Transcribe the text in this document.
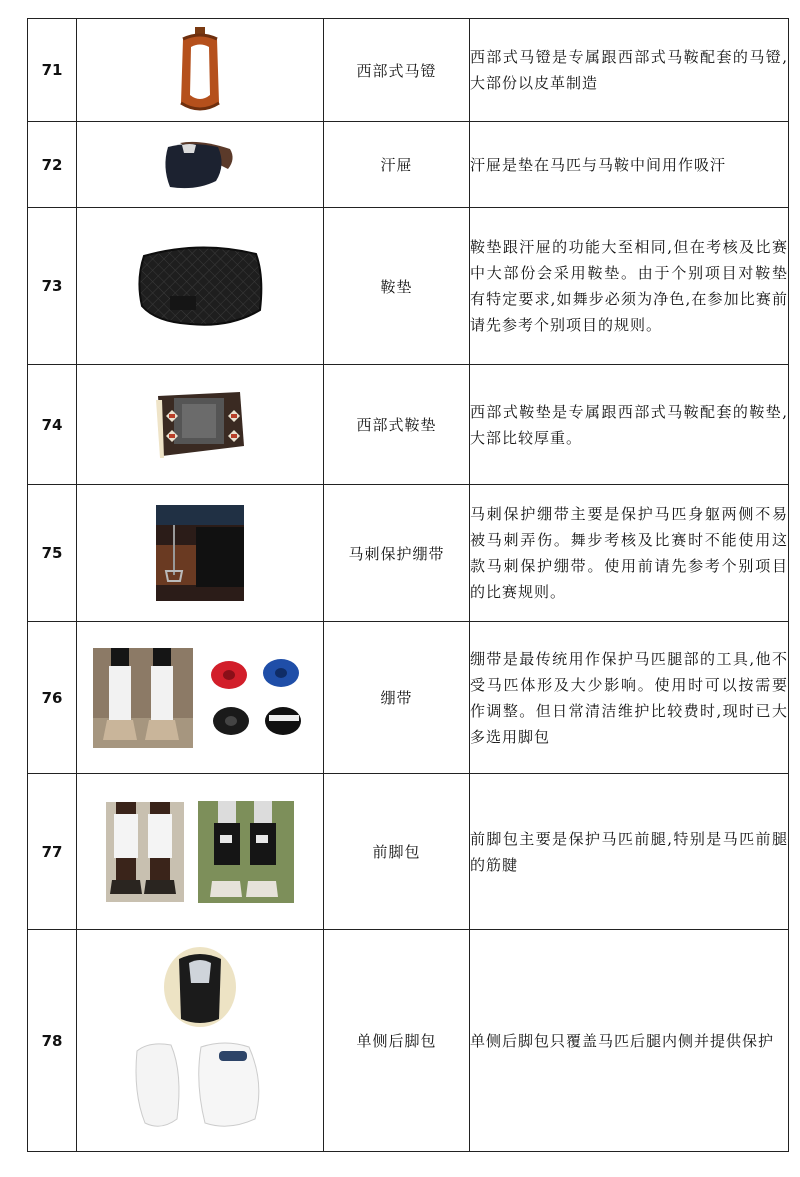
71		西部式马镫	西部式马镫是专属跟西部式马鞍配套的马镫,大部份以皮革制造
72		汗屉	汗屉是垫在马匹与马鞍中间用作吸汗
73		鞍垫	鞍垫跟汗屉的功能大至相同,但在考核及比赛中大部份会采用鞍垫。由于个别项目对鞍垫有特定要求,如舞步必须为净色,在参加比赛前请先参考个别项目的规则。
74		西部式鞍垫	西部式鞍垫是专属跟西部式马鞍配套的鞍垫,大部比较厚重。
75		马刺保护绷带	马刺保护绷带主要是保护马匹身躯两侧不易被马刺弄伤。舞步考核及比赛时不能使用这款马刺保护绷带。使用前请先参考个别项目的比赛规则。
76		绷带	绷带是最传统用作保护马匹腿部的工具,他不受马匹体形及大少影响。使用时可以按需要作调整。但日常清洁维护比较费时,现时已大多选用脚包
77		前脚包	前脚包主要是保护马匹前腿,特别是马匹前腿的筋腱
78		单侧后脚包	单侧后脚包只覆盖马匹后腿内侧并提供保护
